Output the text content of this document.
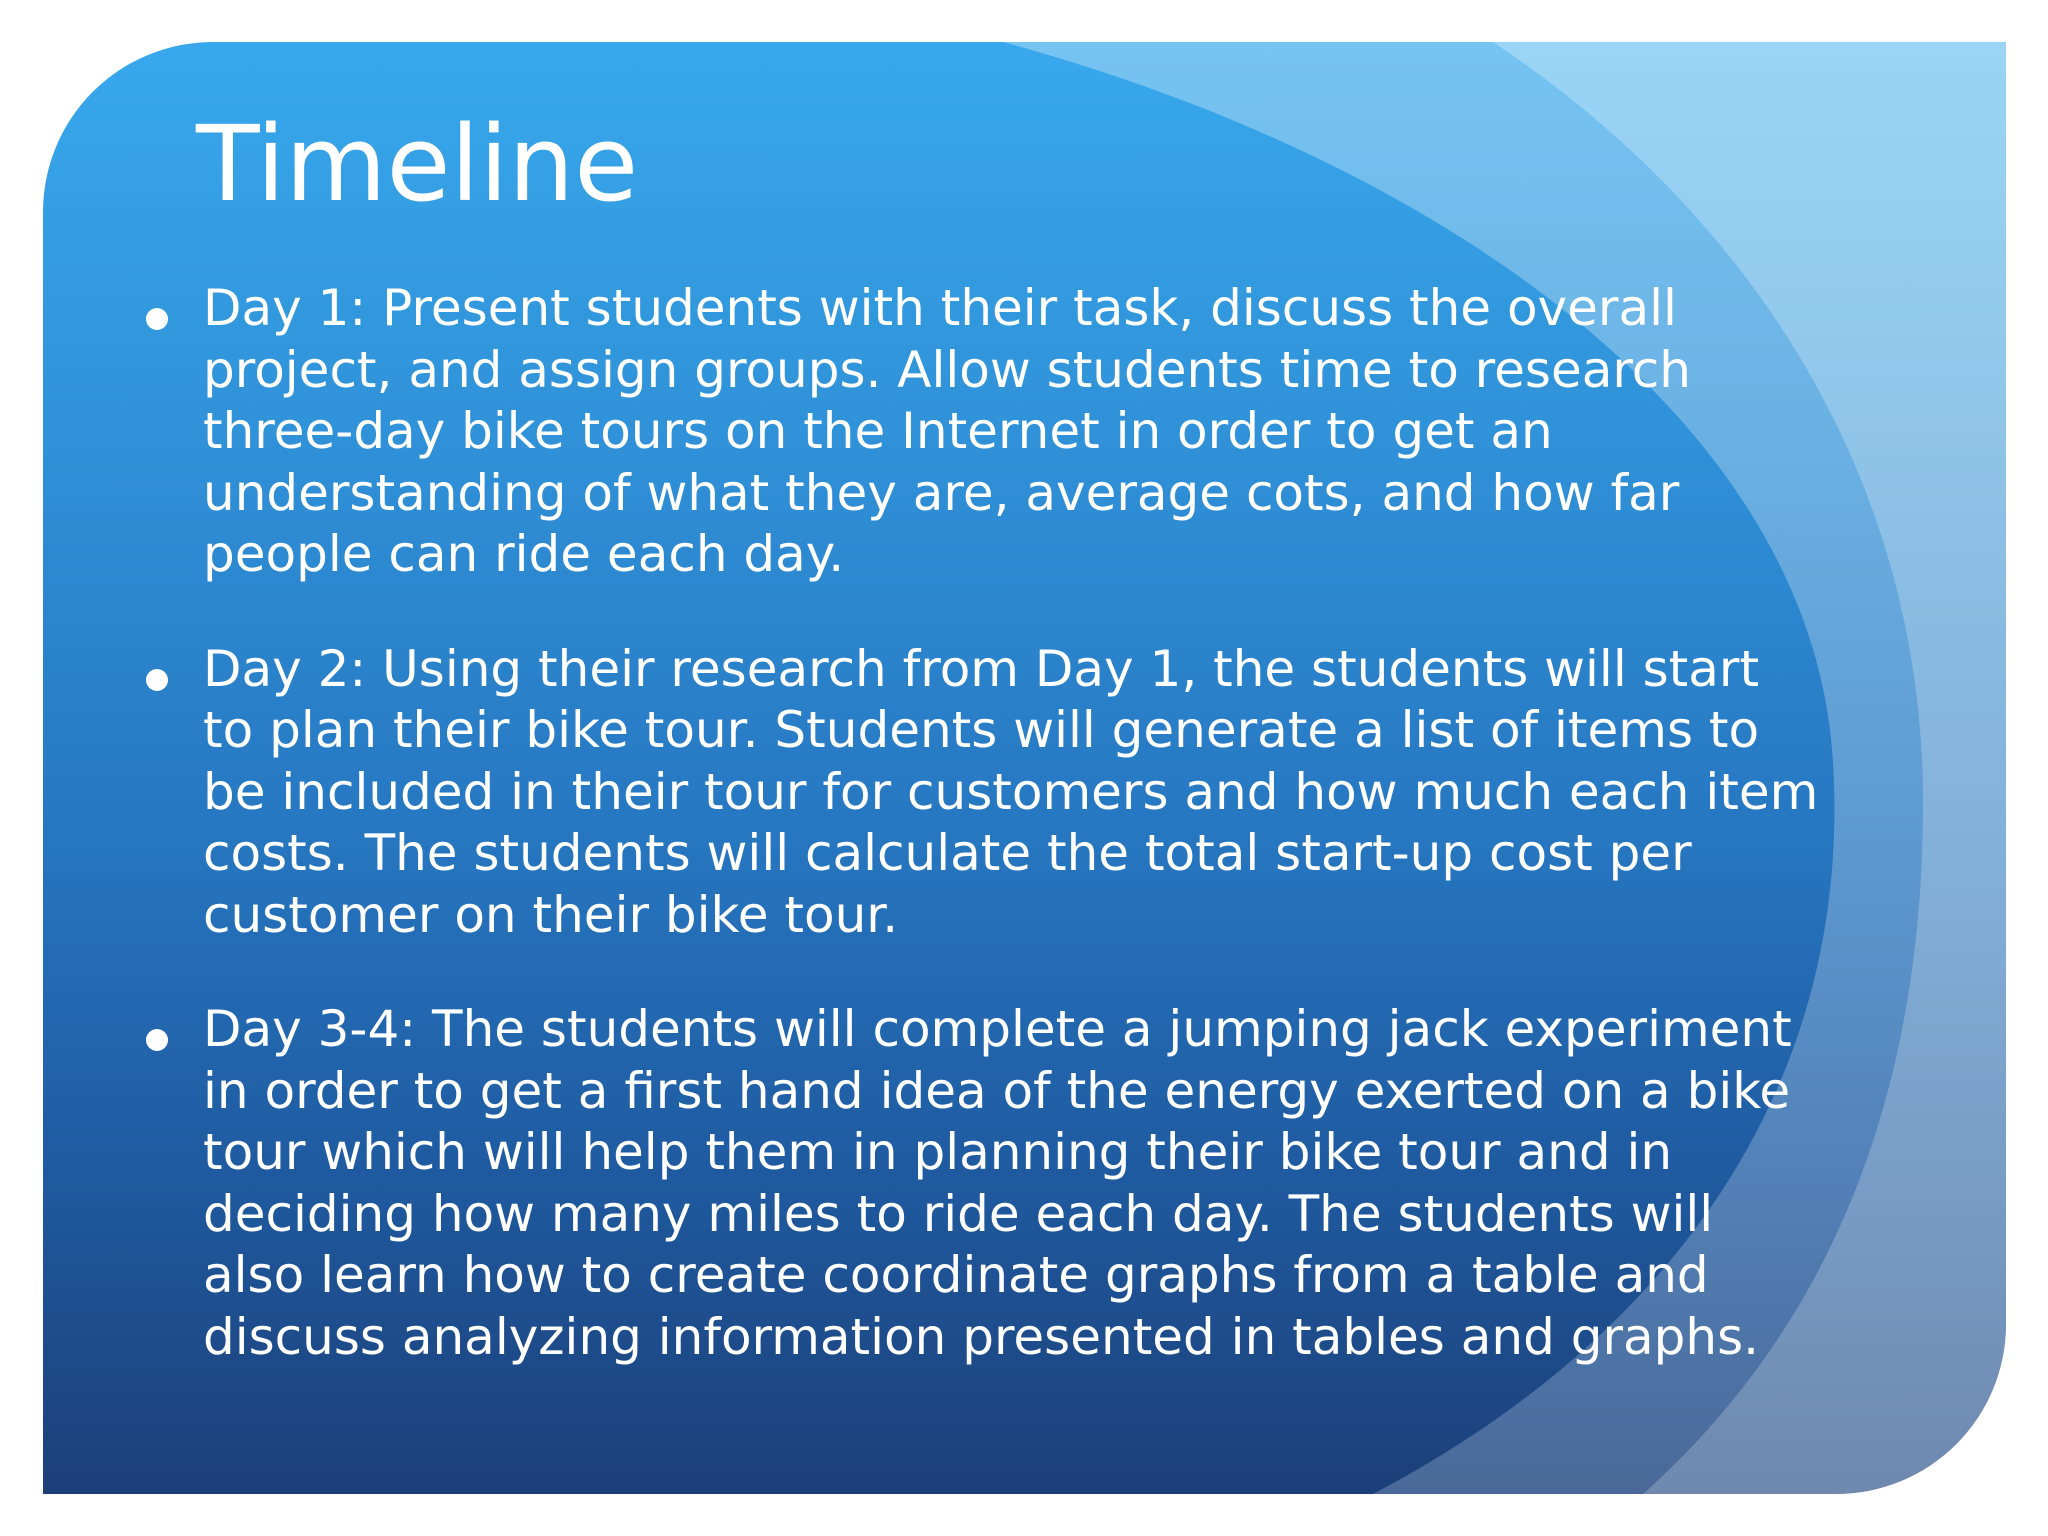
Timeline
Day 1: Present students with their task, discuss the overall project, and assign groups. Allow students time to research three-day bike tours on the Internet in order to get an understanding of what they are, average cots, and how far people can ride each day.
Day 2: Using their research from Day 1, the students will start to plan their bike tour. Students will generate a list of items to be included in their tour for customers and how much each item costs. The students will calculate the total start-up cost per customer on their bike tour.
Day 3-4: The students will complete a jumping jack experiment in order to get a first hand idea of the energy exerted on a bike tour which will help them in planning their bike tour and in deciding how many miles to ride each day. The students will also learn how to create coordinate graphs from a table and discuss analyzing information presented in tables and graphs.
